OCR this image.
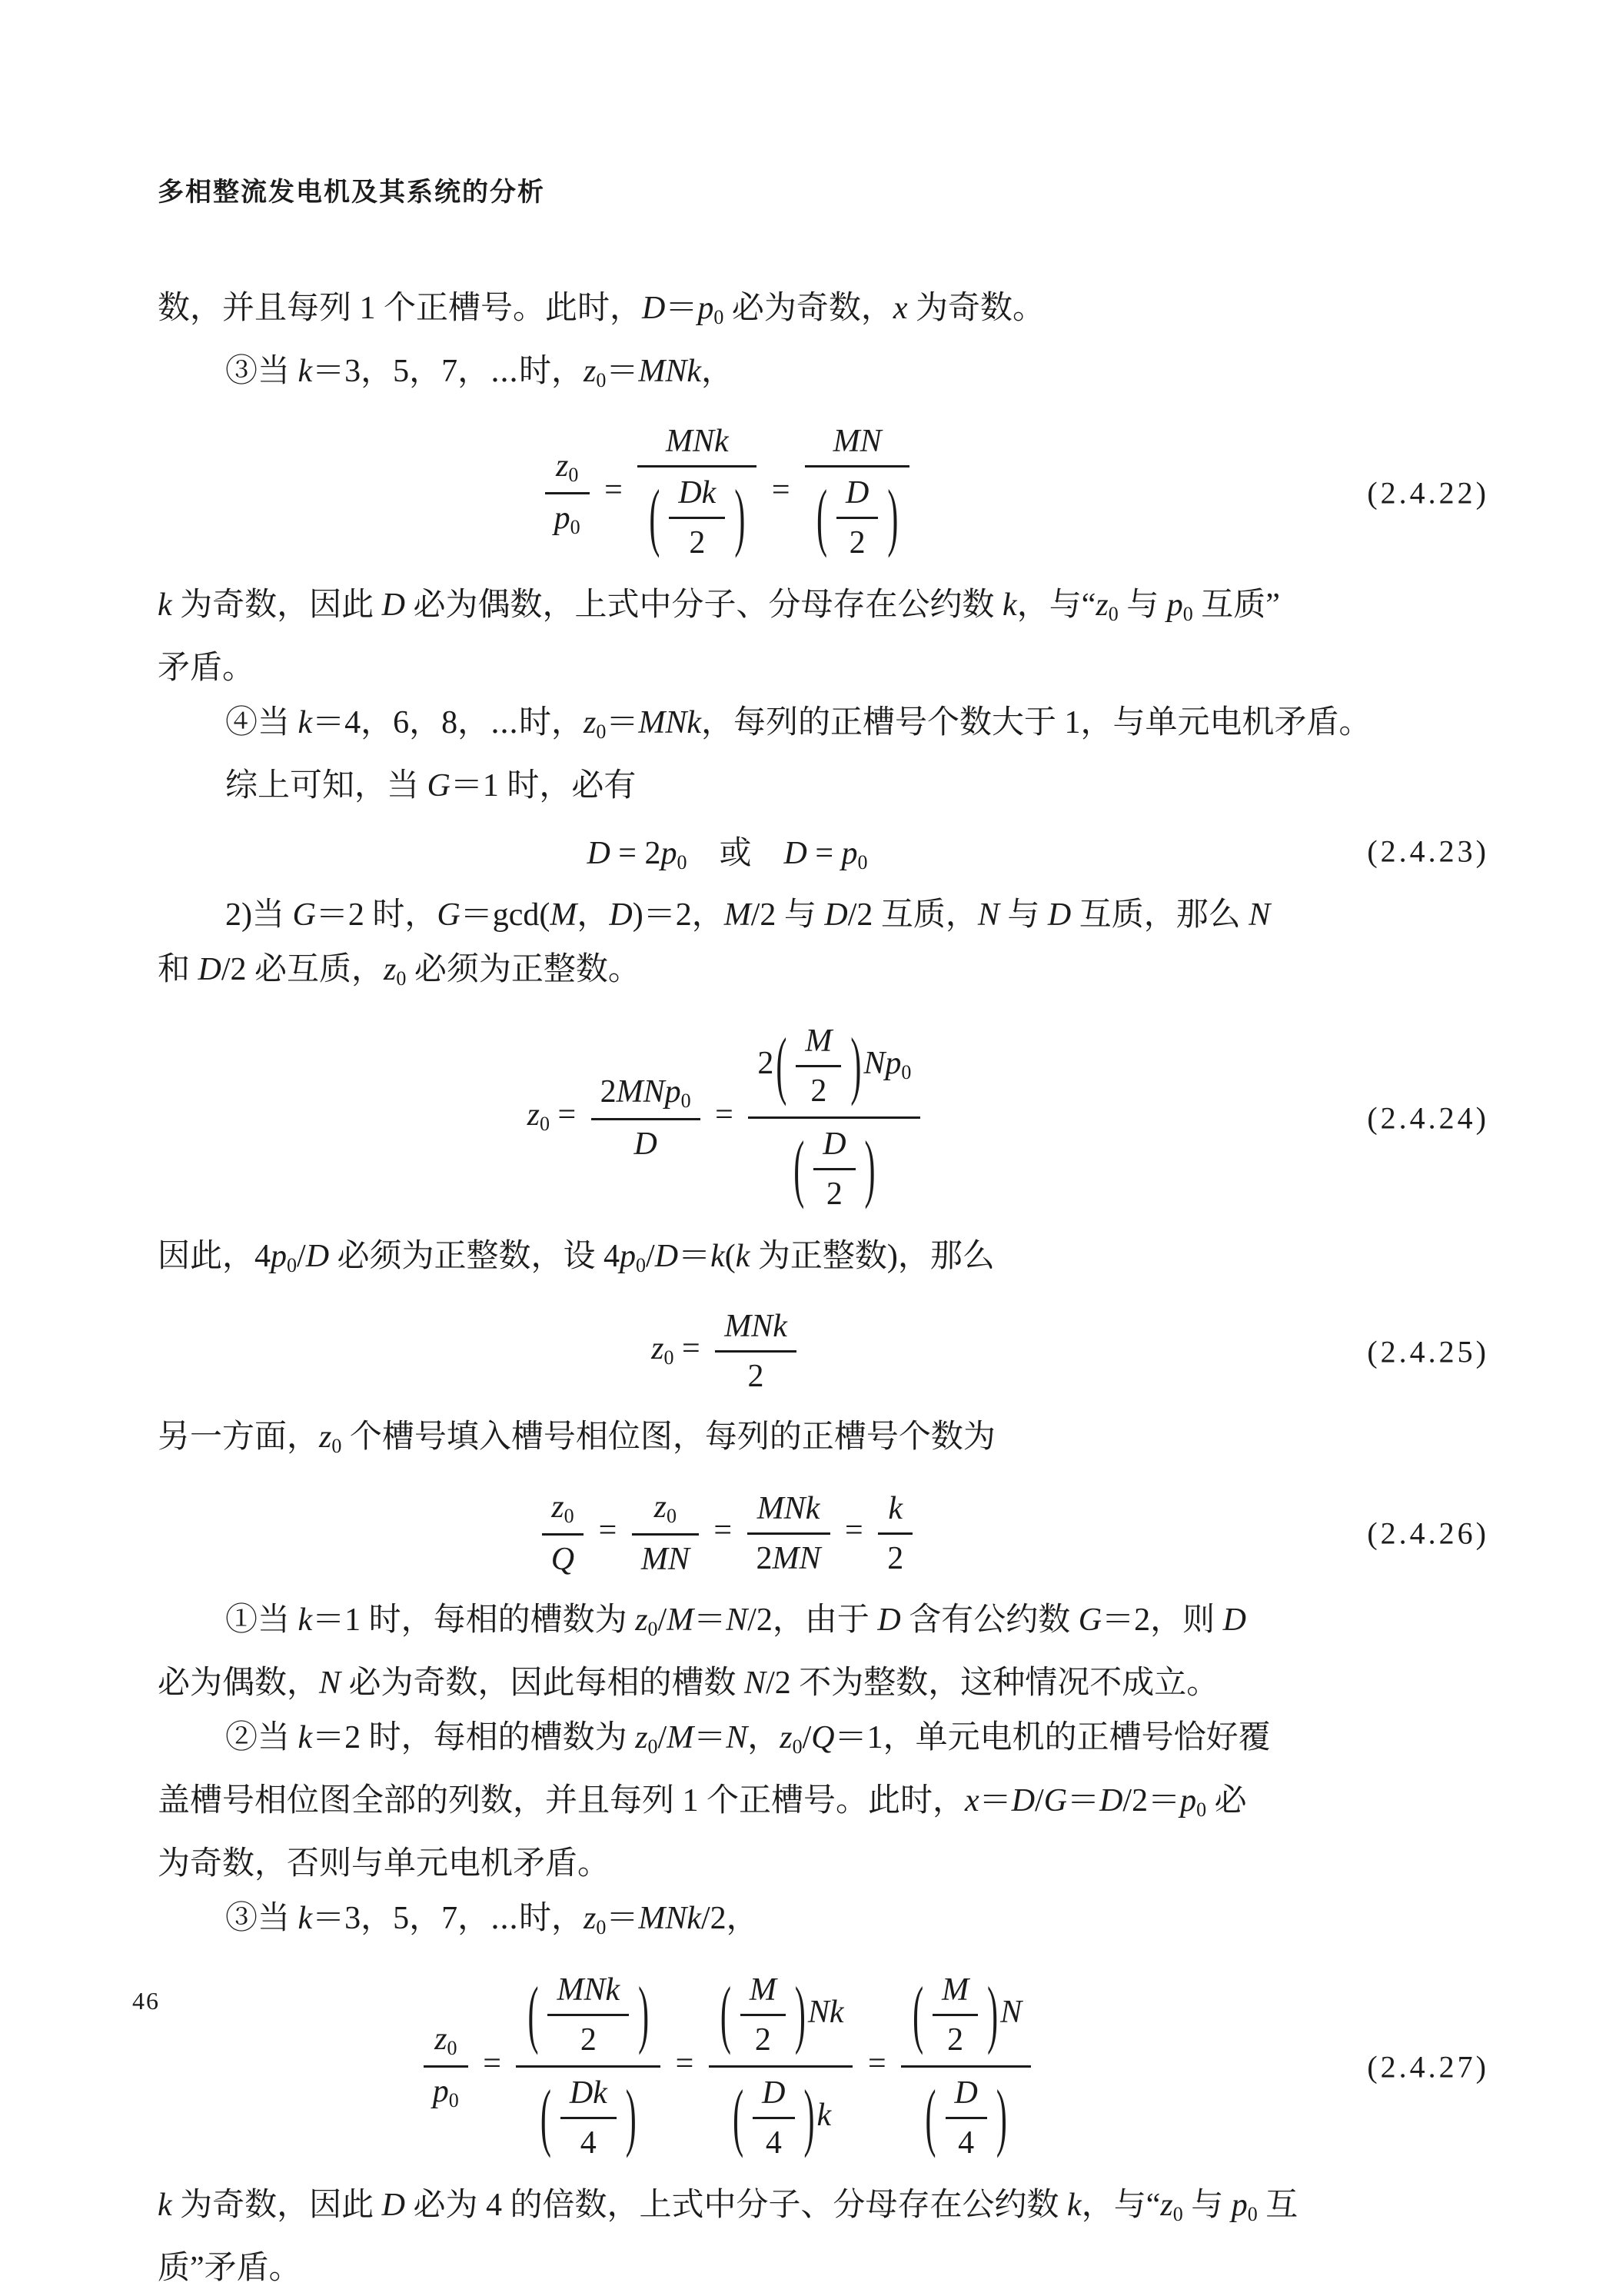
多相整流发电机及其系统的分析
数，并且每列 1 个正槽号。此时，D＝p0 必为奇数，x 为奇数。
③当 k＝3，5，7，⋯时，z0＝MNk，
$\frac{z0}{p0} = \frac{\text{MNk}}{( \frac{Dk}{2} )} = \frac{MN}{( \frac{D}{2} )}$	(2.4.22)
k 为奇数，因此 D 必为偶数，上式中分子、分母存在公约数 k，与“z0 与 p0 互质”
矛盾。
④当 k＝4，6，8，⋯时，z0＝MNk，每列的正槽号个数大于 1，与单元电机矛盾。
综上可知，当 G＝1 时，必有
D = 2p0　或　D = p0	(2.4.23)
2)当 G＝2 时，G＝gcd(M，D)＝2，M/2 与 D/2 互质，N 与 D 互质，那么 N
和 D/2 必互质，z0 必须为正整数。
$z0 = \frac{\text{2MNp0}}{D} = \frac{2 ( \frac{M}{2} ) Np0}{( \frac{D}{2} )}$	(2.4.24)
因此，4p0/D 必须为正整数，设 4p0/D＝k(k 为正整数)，那么
$z0 = \frac{\text{MNk}}{2}$	(2.4.25)
另一方面，z0 个槽号填入槽号相位图，每列的正槽号个数为
$\frac{z0}{Q} = \frac{z0}{MN} = \frac{\text{MNk}}{2MN} = \frac{k}{2}$	(2.4.26)
①当 k＝1 时，每相的槽数为 z0/M＝N/2，由于 D 含有公约数 G＝2，则 D
必为偶数，N 必为奇数，因此每相的槽数 N/2 不为整数，这种情况不成立。
②当 k＝2 时，每相的槽数为 z0/M＝N，z0/Q＝1，单元电机的正槽号恰好覆
盖槽号相位图全部的列数，并且每列 1 个正槽号。此时，x＝D/G＝D/2＝p0 必
为奇数，否则与单元电机矛盾。
③当 k＝3，5，7，⋯时，z0＝MNk/2，
$\frac{z0}{p0} = \frac{( \frac{\text{MNk}}{2} )}{( \frac{Dk}{4} )} = \frac{( \frac{M}{2} ) Nk}{( \frac{D}{4} ) k} = \frac{( \frac{M}{2} ) N}{( \frac{D}{4} )}$	(2.4.27)
k 为奇数，因此 D 必为 4 的倍数，上式中分子、分母存在公约数 k，与“z0 与 p0 互
质”矛盾。
46
